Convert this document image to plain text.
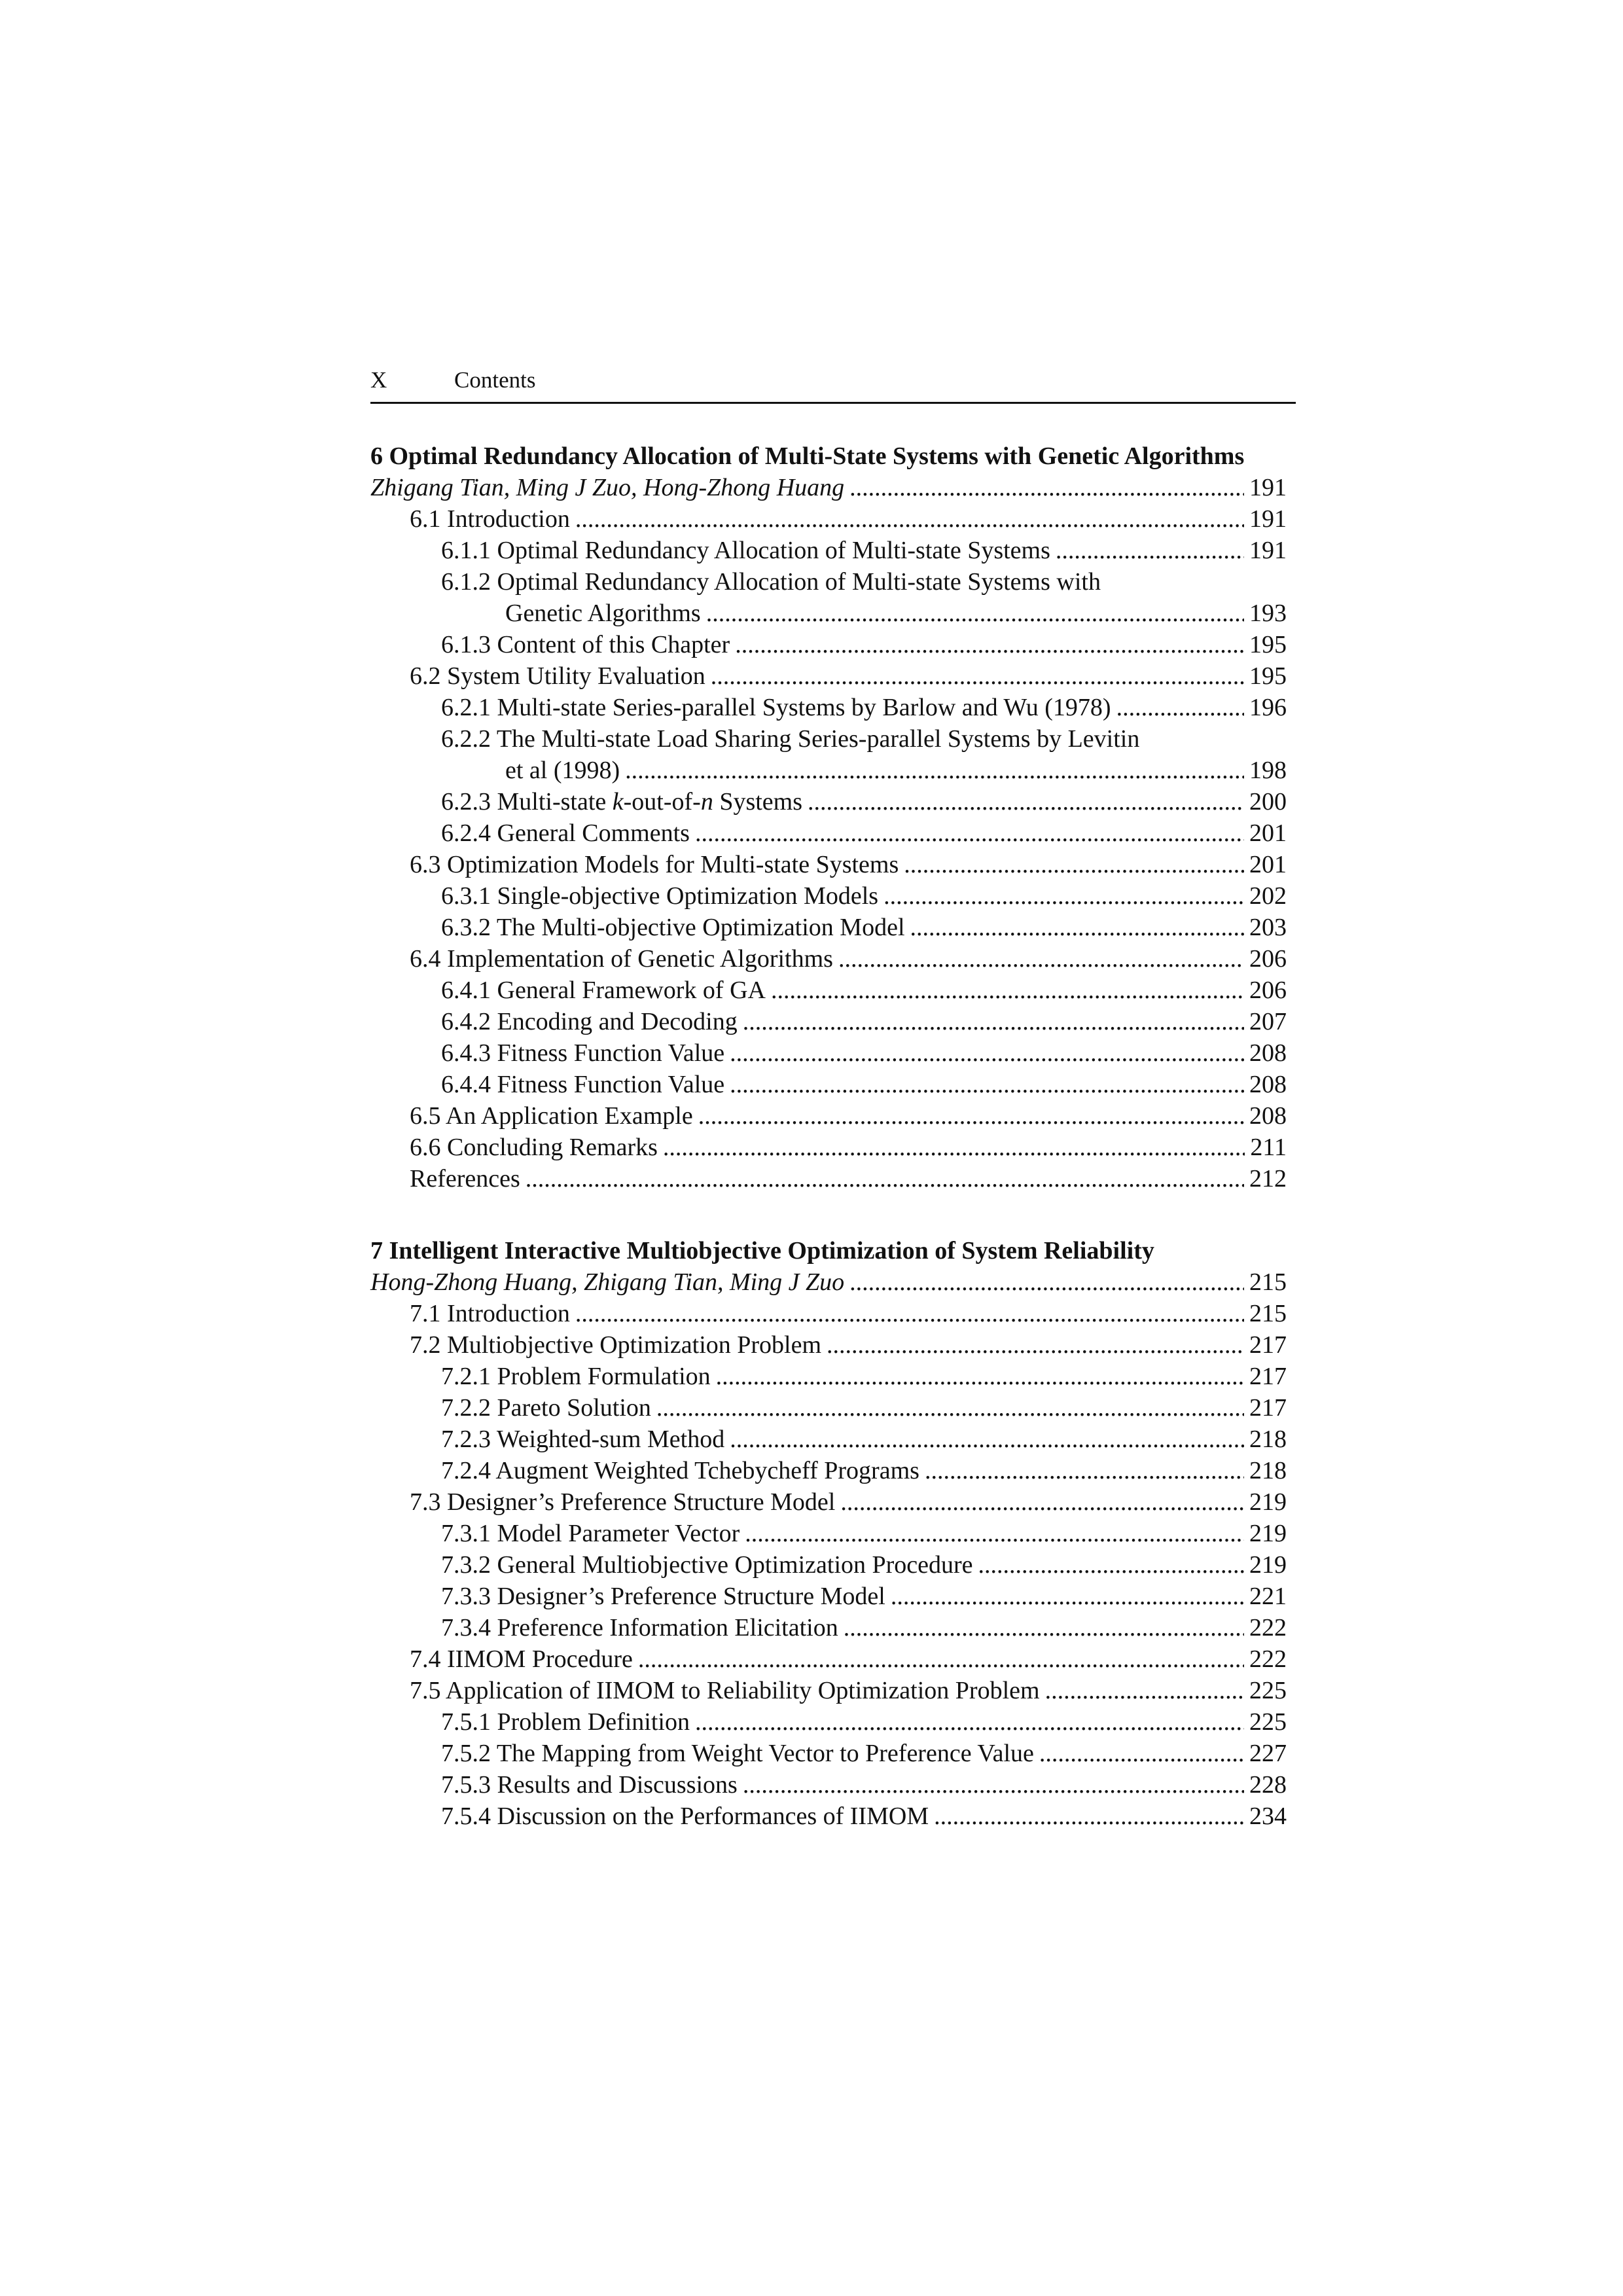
X	Contents
6 Optimal Redundancy Allocation of Multi-State Systems with Genetic Algorithms
Zhigang Tian, Ming J Zuo, Hong-Zhong Huang .....	191
6.1 Introduction .....	191
6.1.1 Optimal Redundancy Allocation of Multi-state Systems .....	191
6.1.2 Optimal Redundancy Allocation of Multi-state Systems with
Genetic Algorithms .....	193
6.1.3 Content of this Chapter .....	195
6.2 System Utility Evaluation .....	195
6.2.1 Multi-state Series-parallel Systems by Barlow and Wu (1978) .....	196
6.2.2 The Multi-state Load Sharing Series-parallel Systems by Levitin
et al (1998) .....	198
6.2.3 Multi-state k-out-of-n Systems .....	200
6.2.4 General Comments .....	201
6.3 Optimization Models for Multi-state Systems .....	201
6.3.1 Single-objective Optimization Models .....	202
6.3.2 The Multi-objective Optimization Model .....	203
6.4 Implementation of Genetic Algorithms .....	206
6.4.1 General Framework of GA .....	206
6.4.2 Encoding and Decoding .....	207
6.4.3 Fitness Function Value .....	208
6.4.4 Fitness Function Value .....	208
6.5 An Application Example .....	208
6.6 Concluding Remarks .....	211
References .....	212
7 Intelligent Interactive Multiobjective Optimization of System Reliability
Hong-Zhong Huang, Zhigang Tian, Ming J Zuo .....	215
7.1 Introduction .....	215
7.2 Multiobjective Optimization Problem .....	217
7.2.1 Problem Formulation .....	217
7.2.2 Pareto Solution .....	217
7.2.3 Weighted-sum Method .....	218
7.2.4 Augment Weighted Tchebycheff Programs .....	218
7.3 Designer’s Preference Structure Model .....	219
7.3.1 Model Parameter Vector .....	219
7.3.2 General Multiobjective Optimization Procedure .....	219
7.3.3 Designer’s Preference Structure Model .....	221
7.3.4 Preference Information Elicitation .....	222
7.4 IIMOM Procedure .....	222
7.5 Application of IIMOM to Reliability Optimization Problem .....	225
7.5.1 Problem Definition .....	225
7.5.2 The Mapping from Weight Vector to Preference Value .....	227
7.5.3 Results and Discussions .....	228
7.5.4 Discussion on the Performances of IIMOM .....	234
